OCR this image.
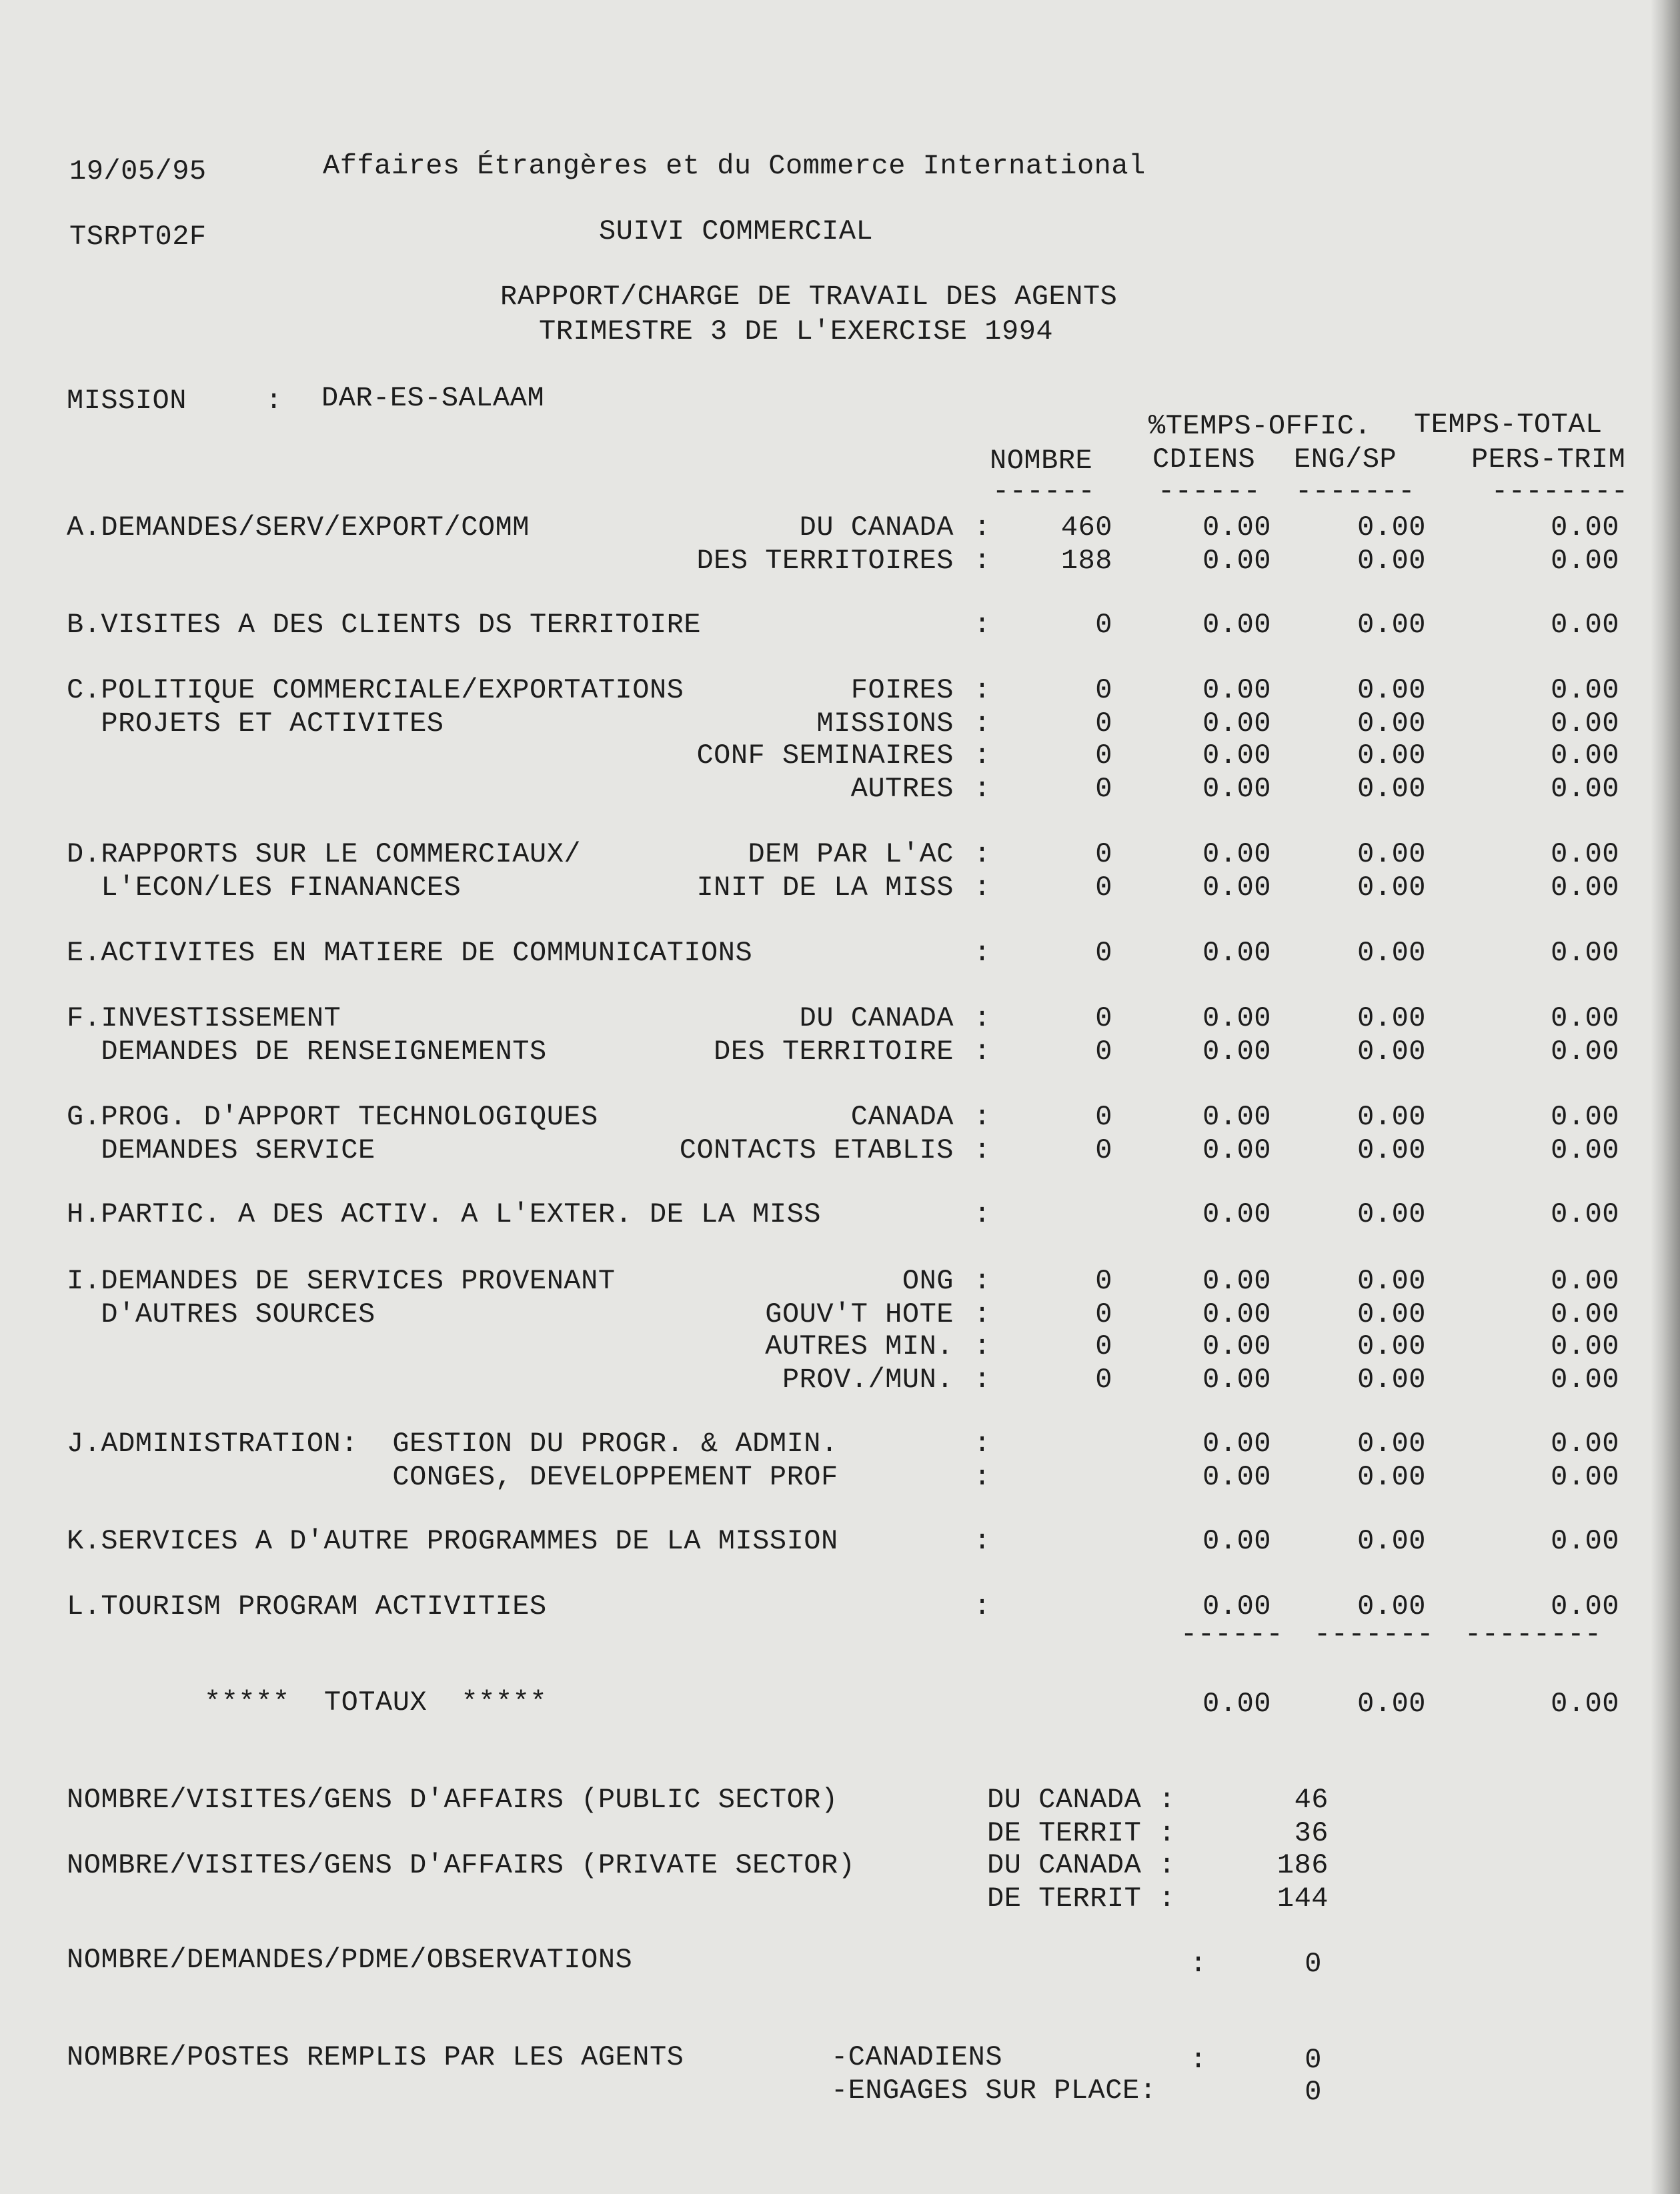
19/05/95	Affaires Étrangères et du Commerce International
TSRPT02F	SUIVI COMMERCIAL
RAPPORT/CHARGE DE TRAVAIL DES AGENTS
TRIMESTRE 3 DE L'EXERCISE 1994
MISSION	: DAR-ES-SALAAM
%TEMPS-OFFIC. TEMPS-TOTAL
NOMBRE CDIENS ENG/SP	PERS-TRIM
------ ------ -------	--------
A.DEMANDES/SERV/EXPORT/COMM	DU CANADA :	460	0.00	0.00	0.00
DES TERRITOIRES :	188	0.00	0.00	0.00
B.VISITES A DES CLIENTS DS TERRITOIRE	:	0	0.00	0.00	0.00
C.POLITIQUE COMMERCIALE/EXPORTATIONS	FOIRES :	0	0.00	0.00	0.00
PROJETS ET ACTIVITES	MISSIONS :	0	0.00	0.00	0.00
CONF SEMINAIRES :	0	0.00	0.00	0.00
AUTRES :	0	0.00	0.00	0.00
D.RAPPORTS SUR LE COMMERCIAUX/	DEM PAR L'AC :	0	0.00	0.00	0.00
L'ECON/LES FINANANCES	INIT DE LA MISS :	0	0.00	0.00	0.00
E.ACTIVITES EN MATIERE DE COMMUNICATIONS	:	0	0.00	0.00	0.00
F.INVESTISSEMENT	DU CANADA :	0	0.00	0.00	0.00
DEMANDES DE RENSEIGNEMENTS	DES TERRITOIRE :	0	0.00	0.00	0.00
G.PROG. D'APPORT TECHNOLOGIQUES	CANADA :	0	0.00	0.00	0.00
DEMANDES SERVICE	CONTACTS ETABLIS :	0	0.00	0.00	0.00
H.PARTIC. A DES ACTIV. A L'EXTER. DE LA MISS	:	0.00	0.00	0.00
I.DEMANDES DE SERVICES PROVENANT	ONG :	0	0.00	0.00	0.00
D'AUTRES SOURCES	GOUV'T HOTE :	0	0.00	0.00	0.00
AUTRES MIN. :	0	0.00	0.00	0.00
PROV./MUN. :	0	0.00	0.00	0.00
J.ADMINISTRATION:  GESTION DU PROGR. & ADMIN.	:	0.00	0.00	0.00
CONGES, DEVELOPPEMENT PROF	:	0.00	0.00	0.00
K.SERVICES A D'AUTRE PROGRAMMES DE LA MISSION	:	0.00	0.00	0.00
L.TOURISM PROGRAM ACTIVITIES	:	0.00	0.00	0.00
------ ------- --------
*****  TOTAUX  *****	0.00	0.00	0.00
NOMBRE/VISITES/GENS D'AFFAIRS (PUBLIC SECTOR)	DU CANADA :	46
DE TERRIT :	36
NOMBRE/VISITES/GENS D'AFFAIRS (PRIVATE SECTOR)	DU CANADA :	186
DE TERRIT :	144
NOMBRE/DEMANDES/PDME/OBSERVATIONS	:	0
NOMBRE/POSTES REMPLIS PAR LES AGENTS	-CANADIENS	:	0
-ENGAGES SUR PLACE:	0
